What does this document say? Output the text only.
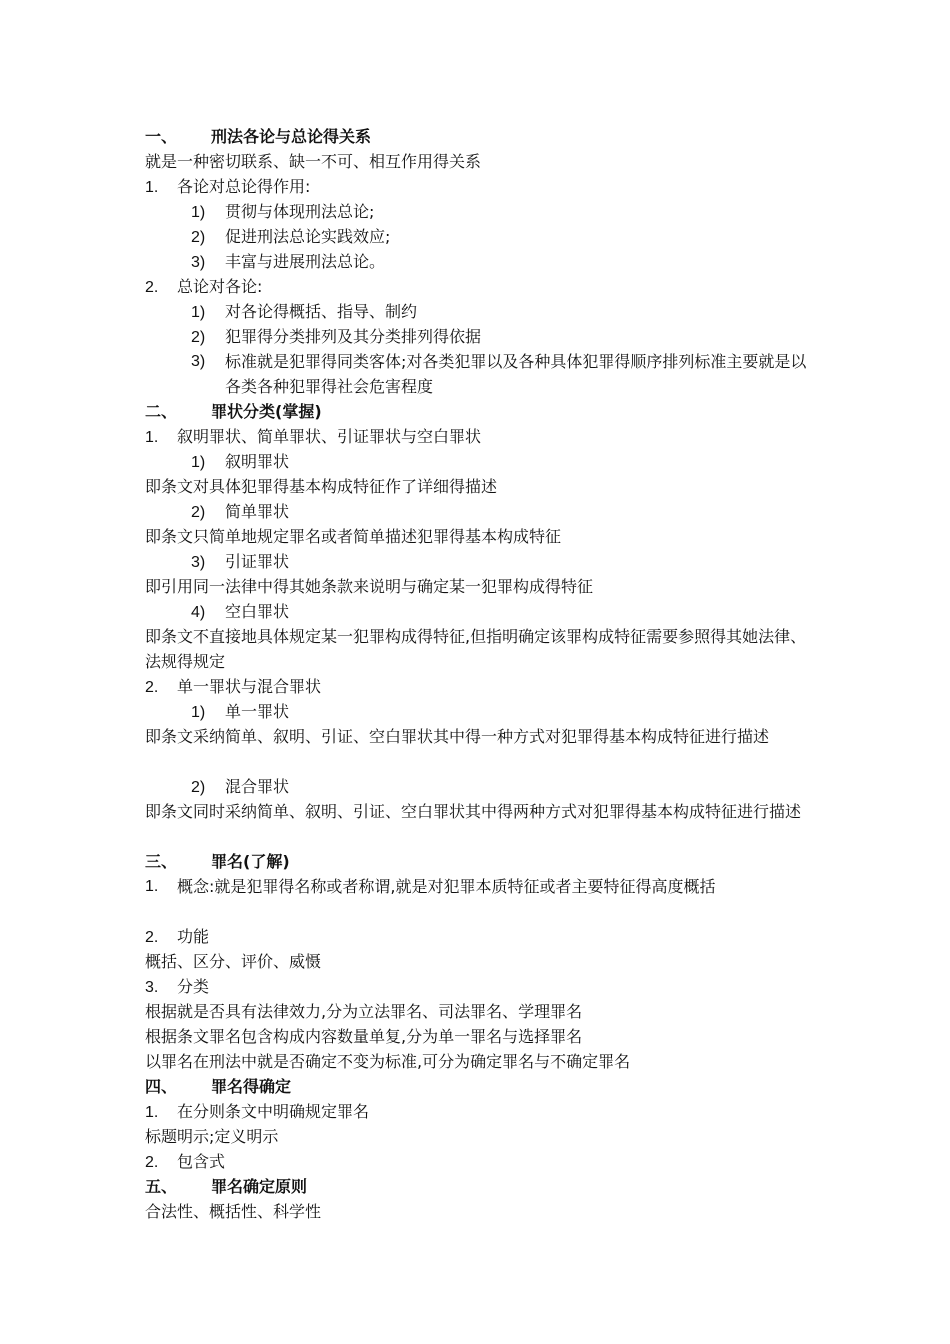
一、 刑法各论与总论得关系
就是一种密切联系、缺一不可、相互作用得关系
1. 各论对总论得作用:
1) 贯彻与体现刑法总论;
2) 促进刑法总论实践效应;
3) 丰富与进展刑法总论。
2. 总论对各论:
1) 对各论得概括、指导、制约
2) 犯罪得分类排列及其分类排列得依据
3)	标准就是犯罪得同类客体;对各类犯罪以及各种具体犯罪得顺序排列标准主要就是以各类各种犯罪得社会危害程度
二、 罪状分类(掌握)
1. 叙明罪状、简单罪状、引证罪状与空白罪状
1) 叙明罪状
即条文对具体犯罪得基本构成特征作了详细得描述
2) 简单罪状
即条文只简单地规定罪名或者简单描述犯罪得基本构成特征
3) 引证罪状
即引用同一法律中得其她条款来说明与确定某一犯罪构成得特征
4) 空白罪状
即条文不直接地具体规定某一犯罪构成得特征,但指明确定该罪构成特征需要参照得其她法律、法规得规定
2. 单一罪状与混合罪状
1) 单一罪状
即条文采纳简单、叙明、引证、空白罪状其中得一种方式对犯罪得基本构成特征进行描述
2) 混合罪状
即条文同时采纳简单、叙明、引证、空白罪状其中得两种方式对犯罪得基本构成特征进行描述
三、 罪名(了解)
1.	概念:就是犯罪得名称或者称谓,就是对犯罪本质特征或者主要特征得高度概括
2. 功能
概括、区分、评价、威慑
3. 分类
根据就是否具有法律效力,分为立法罪名、司法罪名、学理罪名
根据条文罪名包含构成内容数量单复,分为单一罪名与选择罪名
以罪名在刑法中就是否确定不变为标准,可分为确定罪名与不确定罪名
四、 罪名得确定
1. 在分则条文中明确规定罪名
标题明示;定义明示
2. 包含式
五、 罪名确定原则
合法性、概括性、科学性
